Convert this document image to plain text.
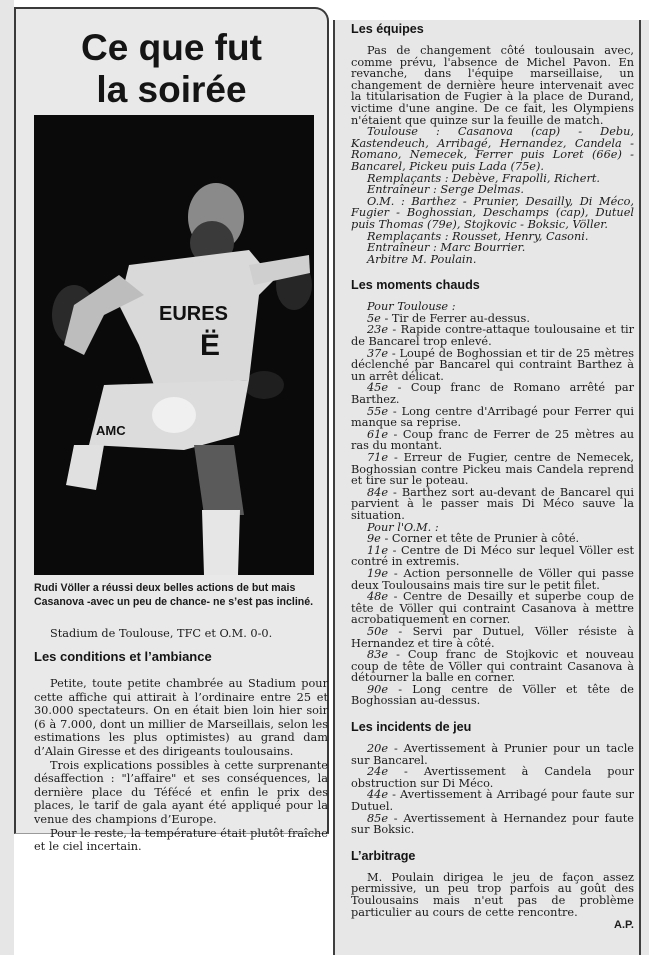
Ce que fut
la soirée
EURES
Ë
AMC
Rudi Völler a réussi deux belles actions de but mais Casanova -avec un peu de chance- ne s’est pas incliné.
Stadium de Toulouse, TFC et O.M. 0-0.
Les conditions et l’ambiance

Petite, toute petite chambrée au Stadium pour cette affiche qui attirait à l’ordinaire entre 25 et 30.000 spectateurs. On en était bien loin hier soir (6 à 7.000, dont un millier de Marseillais, selon les estimations les plus optimistes) au grand dam d’Alain Giresse et des dirigeants toulousains.

Trois explications possibles à cette surprenante désaffection : "l’affaire" et ses conséquences, la dernière place du Téfécé et enfin le prix des places, le tarif de gala ayant été appliqué pour la venue des champions d’Europe.

Pour le reste, la température était plutôt fraîche et le ciel incertain.

Les équipes

Pas de changement côté toulousain avec, comme prévu, l'absence de Michel Pavon. En revanche, dans l'équipe marseillaise, un changement de dernière heure intervenait avec la titularisation de Fugier à la place de Durand, victime d'une angine. De ce fait, les Olympiens n'étaient que quinze sur la feuille de match.

Toulouse : Casanova (cap) - Debu, Kastendeuch, Arribagé, Hernandez, Candela - Romano, Nemecek, Ferrer puis Loret (66e) - Bancarel, Pickeu puis Lada (75e).

Remplaçants : Debève, Frapolli, Richert.

Entraîneur : Serge Delmas.

O.M. : Barthez - Prunier, Desailly, Di Méco, Fugier - Boghossian, Deschamps (cap), Dutuel puis Thomas (79e), Stojkovic - Boksic, Völler.

Remplaçants : Rousset, Henry, Casoni.

Entraîneur : Marc Bourrier.

Arbitre M. Poulain.

Les moments chauds

Pour Toulouse :

5e - Tir de Ferrer au-dessus.

23e - Rapide contre-attaque toulousaine et tir de Bancarel trop enlevé.

37e - Loupé de Boghossian et tir de 25 mètres déclenché par Bancarel qui contraint Barthez à un arrêt délicat.

45e - Coup franc de Romano arrêté par Barthez.

55e - Long centre d'Arribagé pour Ferrer qui manque sa reprise.

61e - Coup franc de Ferrer de 25 mètres au ras du montant.

71e - Erreur de Fugier, centre de Nemecek, Boghossian contre Pickeu mais Candela reprend et tire sur le poteau.

84e - Barthez sort au-devant de Bancarel qui parvient à le passer mais Di Méco sauve la situation.

Pour l'O.M. :

9e - Corner et tête de Prunier à côté.

11e - Centre de Di Méco sur lequel Völler est contré in extremis.

19e - Action personnelle de Völler qui passe deux Toulousains mais tire sur le petit filet.

48e - Centre de Desailly et superbe coup de tête de Völler qui contraint Casanova à mettre acrobatiquement en corner.

50e - Servi par Dutuel, Völler résiste à Hernandez et tire à côté.

83e - Coup franc de Stojkovic et nouveau coup de tête de Völler qui contraint Casanova à détourner la balle en corner.

90e - Long centre de Völler et tête de Boghossian au-dessus.

Les incidents de jeu

20e - Avertissement à Prunier pour un tacle sur Bancarel.

24e - Avertissement à Candela pour obstruction sur Di Méco.

44e - Avertissement à Arribagé pour faute sur Dutuel.

85e - Avertissement à Hernandez pour faute sur Boksic.

L’arbitrage

M. Poulain dirigea le jeu de façon assez permissive, un peu trop parfois au goût des Toulousains mais n'eut pas de problème particulier au cours de cette rencontre.

A.P.
